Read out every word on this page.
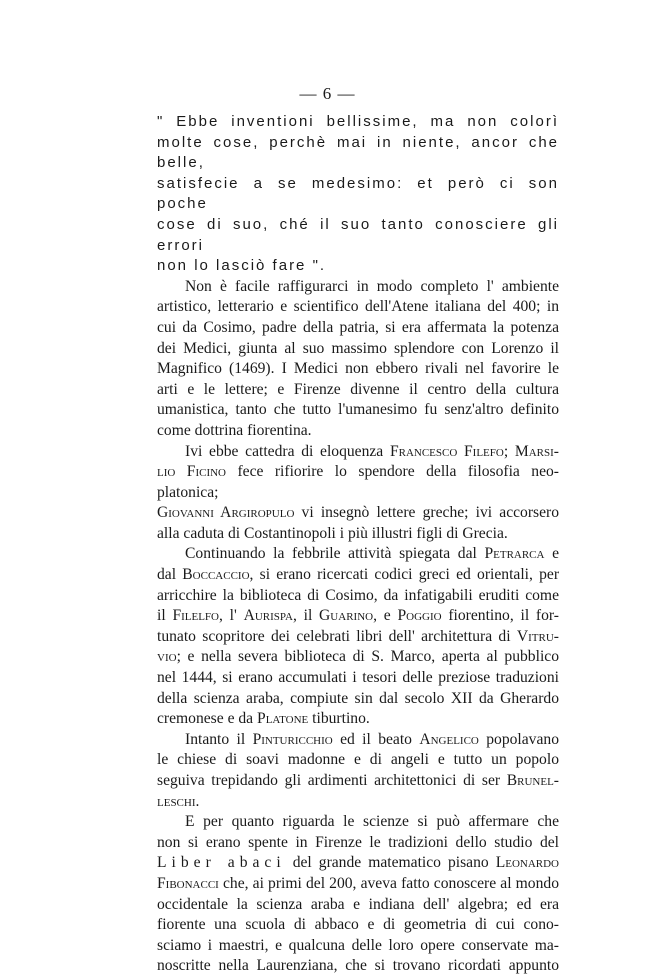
— 6 —
" Ebbe inventioni bellissime, ma non colorì
molte cose, perchè mai in niente, ancor che belle,
satisfecie a se medesimo: et però ci son poche
cose di suo, ché il suo tanto conosciere gli errori
non lo lasciò fare ".
Non è facile raffigurarci in modo completo l' ambiente
artistico, letterario e scientifico dell'Atene italiana del 400; in
cui da Cosimo, padre della patria, si era affermata la potenza
dei Medici, giunta al suo massimo splendore con Lorenzo il
Magnifico (1469). I Medici non ebbero rivali nel favorire le
arti e le lettere; e Firenze divenne il centro della cultura
umanistica, tanto che tutto l'umanesimo fu senz'altro definito
come dottrina fiorentina.
Ivi ebbe cattedra di eloquenza Francesco Filefo; Marsi-
lio Ficino fece rifiorire lo spendore della filosofia neo-platonica;
Giovanni Argiropulo vi insegnò lettere greche; ivi accorsero
alla caduta di Costantinopoli i più illustri figli di Grecia.
Continuando la febbrile attività spiegata dal Petrarca e
dal Boccaccio, si erano ricercati codici greci ed orientali, per
arricchire la biblioteca di Cosimo, da infatigabili eruditi come
il Filelfo, l' Aurispa, il Guarino, e Poggio fiorentino, il for-
tunato scopritore dei celebrati libri dell' architettura di Vitru-
vio; e nella severa biblioteca di S. Marco, aperta al pubblico
nel 1444, si erano accumulati i tesori delle preziose traduzioni
della scienza araba, compiute sin dal secolo XII da Gherardo
cremonese e da Platone tiburtino.
Intanto il Pinturicchio ed il beato Angelico popolavano
le chiese di soavi madonne e di angeli e tutto un popolo
seguiva trepidando gli ardimenti architettonici di ser Brunel-
leschi.
E per quanto riguarda le scienze si può affermare che
non si erano spente in Firenze le tradizioni dello studio del
Liber abaci del grande matematico pisano Leonardo
Fibonacci che, ai primi del 200, aveva fatto conoscere al mondo
occidentale la scienza araba e indiana dell' algebra; ed era
fiorente una scuola di abbaco e di geometria di cui cono-
sciamo i maestri, e qualcuna delle loro opere conservate ma-
noscritte nella Laurenziana, che si trovano ricordati appunto
